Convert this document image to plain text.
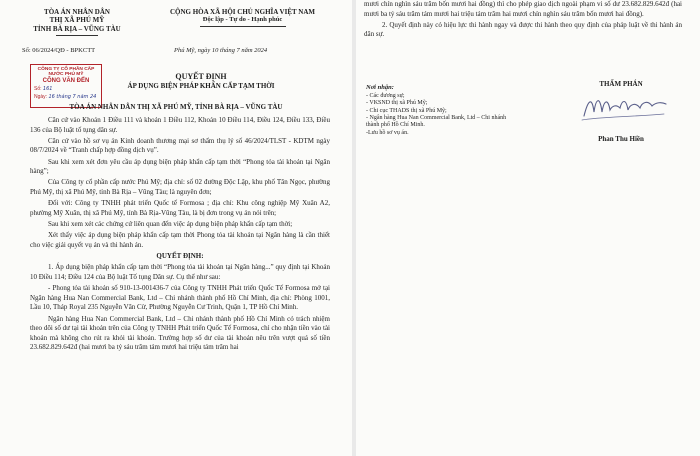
TÒA ÁN NHÂN DÂN
THỊ XÃ PHÚ MỸ
TỈNH BÀ RỊA – VŨNG TÀU
CỘNG HÒA XÃ HỘI CHỦ NGHĨA VIỆT NAM
Độc lập - Tự do - Hạnh phúc
Số: 06/2024/QĐ - BPKCTT	Phú Mỹ, ngày 10 tháng 7 năm 2024
CÔNG TY CỔ PHẦN CẤP NƯỚC PHÚ MỸ
CÔNG VĂN ĐẾN
Số: 161
Ngày: 16 tháng 7 năm 24
QUYẾT ĐỊNH
ÁP DỤNG BIỆN PHÁP KHẨN CẤP TẠM THỜI
TÒA ÁN NHÂN DÂN THỊ XÃ PHÚ MỸ, TỈNH BÀ RỊA – VŨNG TÀU

Căn cứ vào Khoản 1 Điều 111 và khoản 1 Điều 112, Khoản 10 Điều 114, Điều 124, Điều 133, Điều 136 của Bộ luật tố tụng dân sự.

Căn cứ vào hồ sơ vụ án Kinh doanh thương mại sơ thẩm thụ lý số 46/2024/TLST - KDTM ngày 08/7/2024 về “Tranh chấp hợp đồng dịch vụ”.

Sau khi xem xét đơn yêu cầu áp dụng biện pháp khẩn cấp tạm thời “Phong tỏa tài khoản tại Ngân hàng”;

Của Công ty cổ phần cấp nước Phú Mỹ; địa chỉ: số 02 đường Độc Lập, khu phố Tân Ngọc, phường Phú Mỹ, thị xã Phú Mỹ, tỉnh Bà Rịa – Vũng Tàu; là nguyên đơn;

Đối với: Công ty TNHH phát triển Quốc tế Formosa ; địa chỉ: Khu công nghiệp Mỹ Xuân A2, phường Mỹ Xuân, thị xã Phú Mỹ, tỉnh Bà Rịa-Vũng Tàu, là bị đơn trong vụ án nói trên;

Sau khi xem xét các chứng cứ liên quan đến việc áp dụng biện pháp khẩn cấp tạm thời;

Xét thấy việc áp dụng biện pháp khẩn cấp tạm thời Phong tỏa tài khoản tại Ngân hàng là cần thiết cho việc giải quyết vụ án và thi hành án.

QUYẾT ĐỊNH:

1. Áp dụng biện pháp khẩn cấp tạm thời “Phong tỏa tài khoản tại Ngân hàng...” quy định tại Khoản 10 Điều 114; Điều 124 của Bộ luật Tố tụng Dân sự. Cụ thể như sau:

- Phong tỏa tài khoản số 910-13-001436-7 của Công ty TNHH Phát triển Quốc Tế Formosa mở tại Ngân hàng Hua Nan Commercial Bank, Ltd – Chi nhánh thành phố Hồ Chí Minh, địa chỉ: Phòng 1001, Lầu 10, Tháp Royal 235 Nguyễn Văn Cừ, Phường Nguyễn Cư Trinh, Quận 1, TP Hồ Chí Minh.

Ngân hàng Hua Nan Commercial Bank, Ltd – Chi nhánh thành phố Hồ Chí Minh có trách nhiệm theo dõi số dư tại tài khoản trên của Công ty TNHH Phát triển Quốc Tế Formosa, chỉ cho nhận tiền vào tài khoản mà không cho rút ra khỏi tài khoản. Trường hợp số dư của tài khoản nêu trên vượt quá số tiền 23.682.829.642đ (hai mươi ba tỷ sáu trăm tám mươi hai triệu tám trăm hai

mươi chín nghìn sáu trăm bốn mươi hai đồng) thì cho phép giao dịch ngoài phạm vi số dư 23.682.829.642đ (hai mươi ba tỷ sáu trăm tám mươi hai triệu tám trăm hai mươi chín nghìn sáu trăm bốn mươi hai đồng).

2. Quyết định này có hiệu lực thi hành ngay và được thi hành theo quy định của pháp luật về thi hành án dân sự.

Nơi nhận:
- Các đương sự;
- VKSND thị xã Phú Mỹ;
- Chi cục THADS thị xã Phú Mỹ;
- Ngân hàng Hua Nan Commercial Bank, Ltd – Chi nhánh thành phố Hồ Chí Minh.
-Lưu hồ sơ vụ án.
THẨM PHÁN
Phan Thu Hiền
